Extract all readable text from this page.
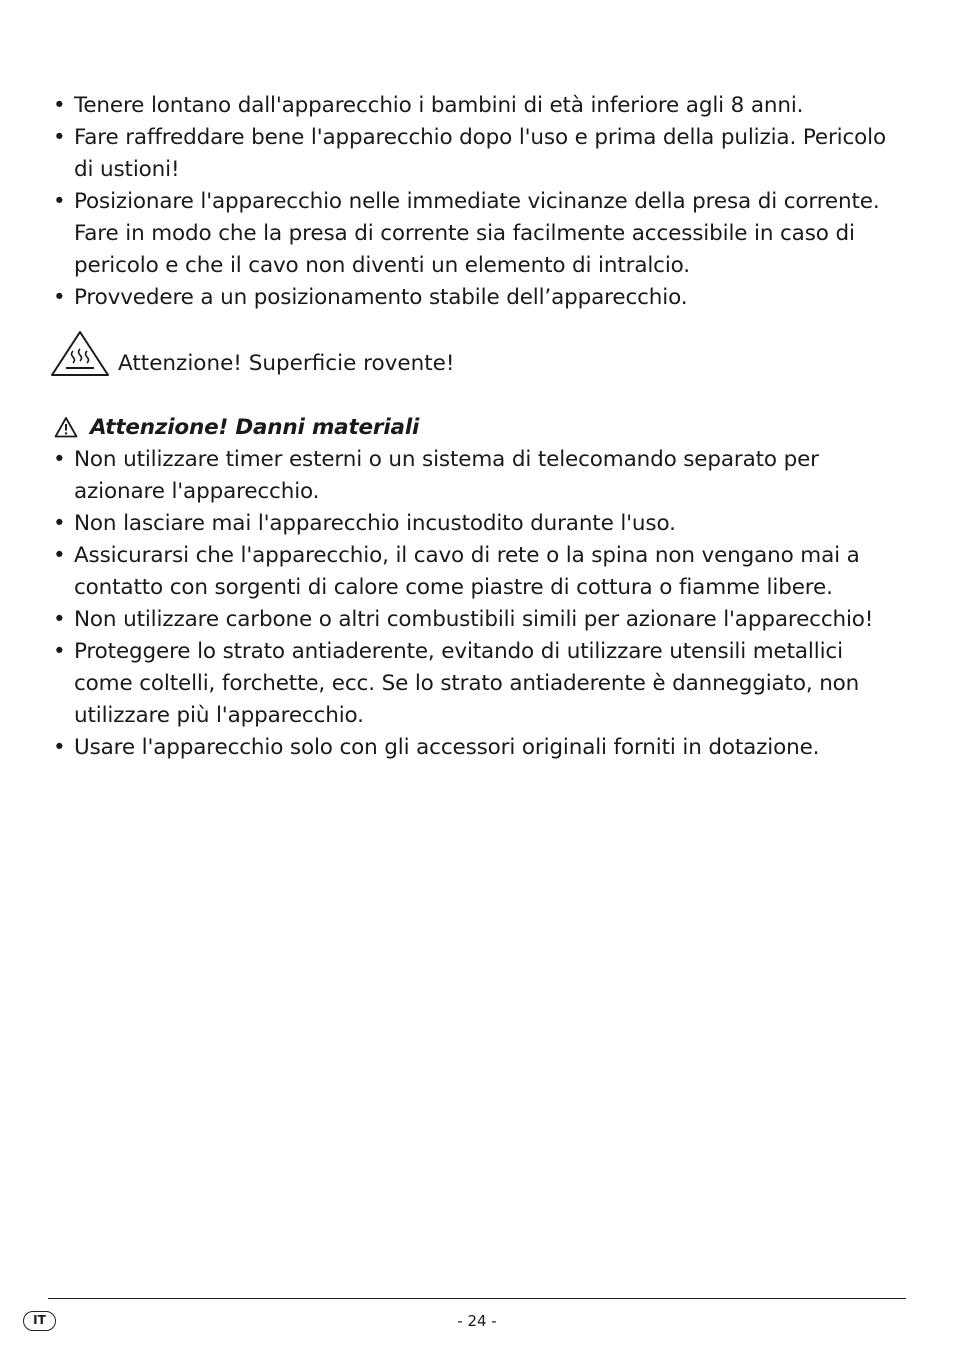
• Tenere lontano dall'apparecchio i bambini di età inferiore agli 8 anni.
• Fare raffreddare bene l'apparecchio dopo l'uso e prima della pulizia. Pericolo di ustioni!
• Posizionare l'apparecchio nelle immediate vicinanze della presa di corrente. Fare in modo che la presa di corrente sia facilmente accessibile in caso di pericolo e che il cavo non diventi un elemento di intralcio.
• Provvedere a un posizionamento stabile dell’apparecchio.
Attenzione! Superficie rovente!
Attenzione! Danni materiali
• Non utilizzare timer esterni o un sistema di telecomando separato per azionare l'apparecchio.
• Non lasciare mai l'apparecchio incustodito durante l'uso.
• Assicurarsi che l'apparecchio, il cavo di rete o la spina non vengano mai a contatto con sorgenti di calore come piastre di cottura o fiamme libere.
• Non utilizzare carbone o altri combustibili simili per azionare l'apparecchio!
• Proteggere lo strato antiaderente, evitando di utilizzare utensili metallici come coltelli, forchette, ecc. Se lo strato antiaderente è danneggiato, non utilizzare più l'apparecchio.
• Usare l'apparecchio solo con gli accessori originali forniti in dotazione.
IT	- 24 -
